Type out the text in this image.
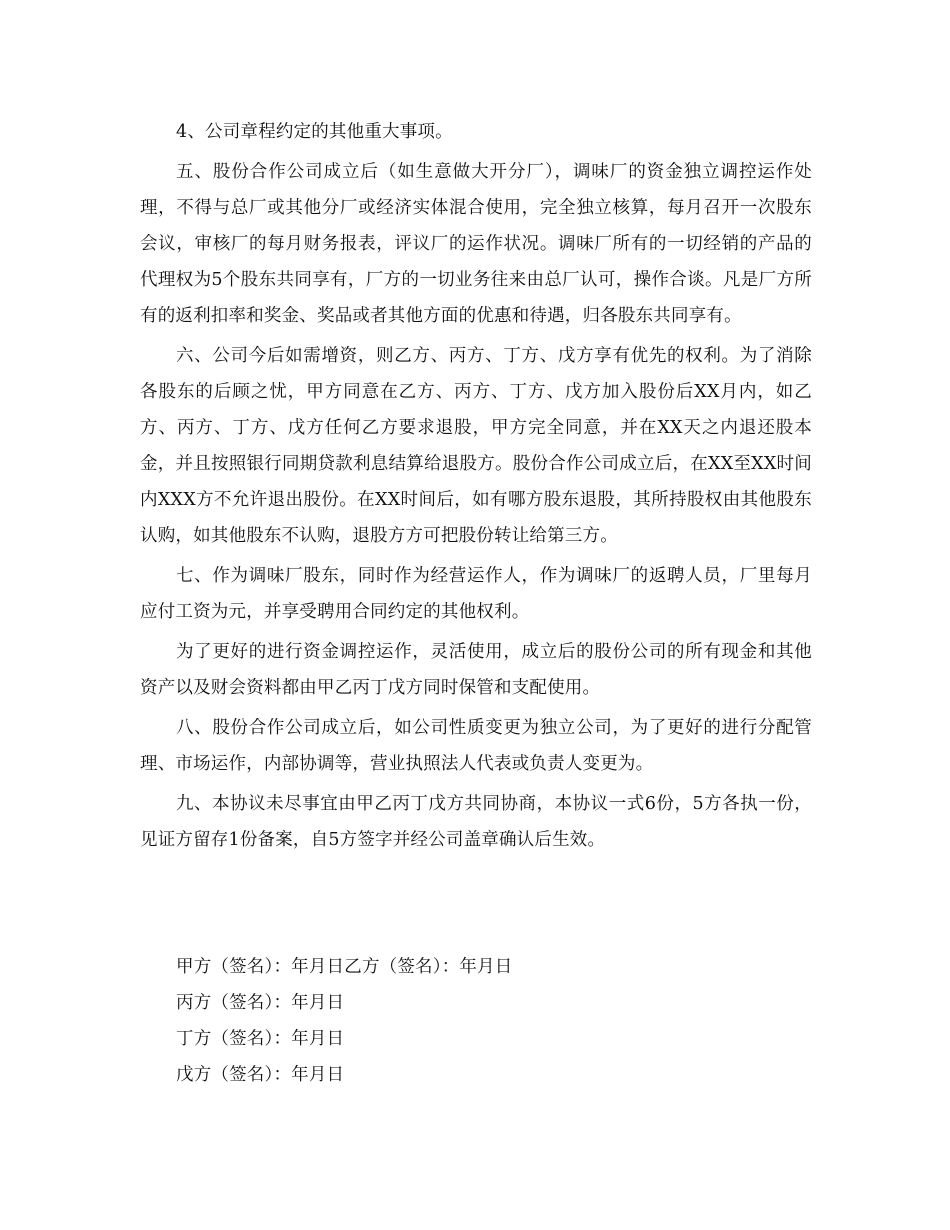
4、公司章程约定的其他重大事项。

五、股份合作公司成立后（如生意做大开分厂），调味厂的资金独立调控运作处理，不得与总厂或其他分厂或经济实体混合使用，完全独立核算，每月召开一次股东会议，审核厂的每月财务报表，评议厂的运作状况。调味厂所有的一切经销的产品的代理权为5个股东共同享有，厂方的一切业务往来由总厂认可，操作合谈。凡是厂方所有的返利扣率和奖金、奖品或者其他方面的优惠和待遇，归各股东共同享有。

六、公司今后如需增资，则乙方、丙方、丁方、戊方享有优先的权利。为了消除各股东的后顾之忧，甲方同意在乙方、丙方、丁方、戊方加入股份后XX月内，如乙方、丙方、丁方、戊方任何乙方要求退股，甲方完全同意，并在XX天之内退还股本金，并且按照银行同期贷款利息结算给退股方。股份合作公司成立后，在XX至XX时间内XXX方不允许退出股份。在XX时间后，如有哪方股东退股，其所持股权由其他股东认购，如其他股东不认购，退股方方可把股份转让给第三方。

七、作为调味厂股东，同时作为经营运作人，作为调味厂的返聘人员，厂里每月应付工资为元，并享受聘用合同约定的其他权利。

为了更好的进行资金调控运作，灵活使用，成立后的股份公司的所有现金和其他资产以及财会资料都由甲乙丙丁戊方同时保管和支配使用。

八、股份合作公司成立后，如公司性质变更为独立公司，为了更好的进行分配管理、市场运作，内部协调等，营业执照法人代表或负责人变更为。

九、本协议未尽事宜由甲乙丙丁戊方共同协商，本协议一式6份，5方各执一份，见证方留存1份备案，自5方签字并经公司盖章确认后生效。

甲方（签名）：年月日乙方（签名）：年月日

丙方（签名）：年月日

丁方（签名）：年月日

戊方（签名）：年月日
